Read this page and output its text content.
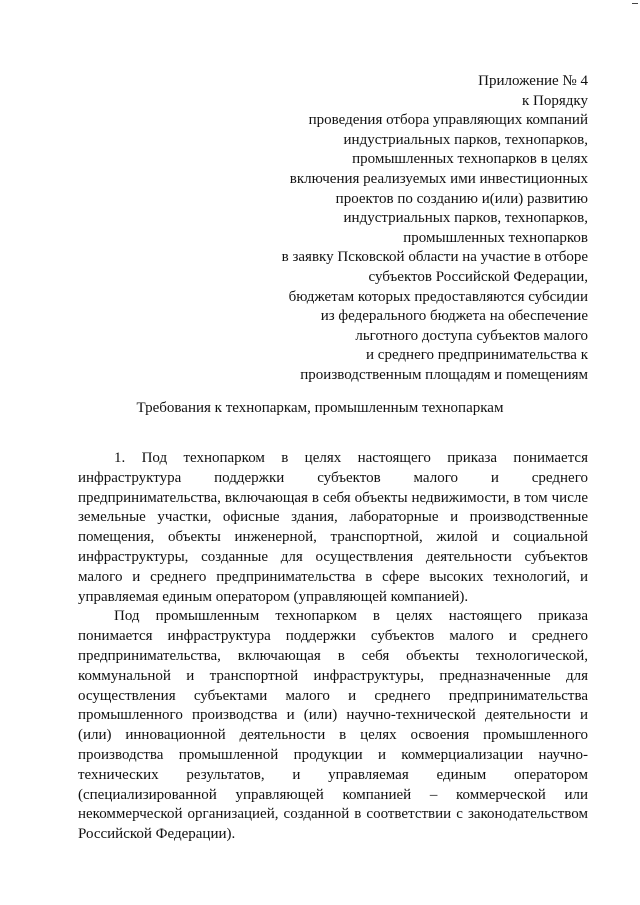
Приложение № 4
к Порядку
проведения отбора управляющих компаний
индустриальных парков, технопарков,
промышленных технопарков в целях
включения реализуемых ими инвестиционных
проектов по созданию и(или) развитию
индустриальных парков, технопарков,
промышленных технопарков
в заявку Псковской области на участие в отборе
субъектов Российской Федерации,
бюджетам которых предоставляются субсидии
из федерального бюджета на обеспечение
льготного доступа субъектов малого
и среднего предпринимательства к
производственным площадям и помещениям
Требования к технопаркам, промышленным технопаркам

1. Под технопарком в целях настоящего приказа понимается инфраструктура поддержки субъектов малого и среднего предпринимательства, включающая в себя объекты недвижимости, в том числе земельные участки, офисные здания, лабораторные и производственные помещения, объекты инженерной, транспортной, жилой и социальной инфраструктуры, созданные для осуществления деятельности субъектов малого и среднего предпринимательства в сфере высоких технологий, и управляемая единым оператором (управляющей компанией).

Под промышленным технопарком в целях настоящего приказа понимается инфраструктура поддержки субъектов малого и среднего предпринимательства, включающая в себя объекты технологической, коммунальной и транспортной инфраструктуры, предназначенные для осуществления субъектами малого и среднего предпринимательства промышленного производства и (или) научно-технической деятельности и (или) инновационной деятельности в целях освоения промышленного производства промышленной продукции и коммерциализации научно-технических результатов, и управляемая единым оператором (специализированной управляющей компанией – коммерческой или некоммерческой организацией, созданной в соответствии с законодательством Российской Федерации).
